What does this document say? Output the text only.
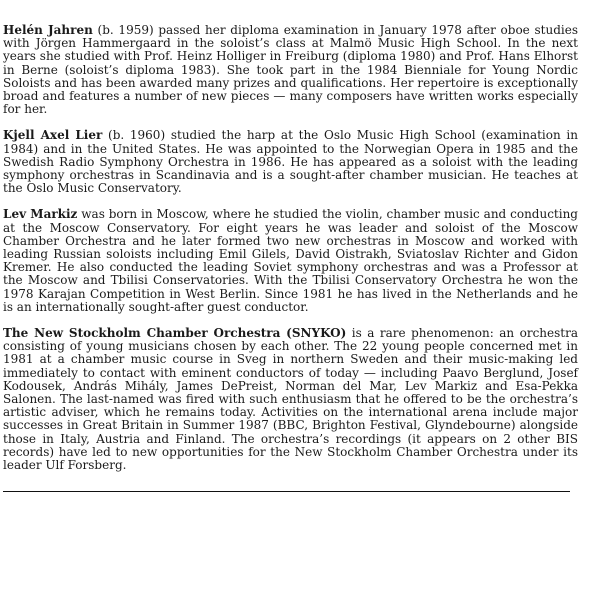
Helén Jahren (b. 1959) passed her diploma examination in January 1978 after oboe studies with Jörgen Hammergaard in the soloist’s class at Malmö Music High School. In the next years she studied with Prof. Heinz Holliger in Freiburg (diploma 1980) and Prof. Hans Elhorst in Berne (soloist’s diploma 1983). She took part in the 1984 Bienniale for Young Nordic Soloists and has been awarded many prizes and qualifications. Her repertoire is exceptionally broad and features a number of new pieces — many composers have written works especially for her.

Kjell Axel Lier (b. 1960) studied the harp at the Oslo Music High School (examination in 1984) and in the United States. He was appointed to the Norwegian Opera in 1985 and the Swedish Radio Symphony Orchestra in 1986. He has appeared as a soloist with the leading symphony orchestras in Scandinavia and is a sought-after chamber musician. He teaches at the Oslo Music Conservatory.

Lev Markiz was born in Moscow, where he studied the violin, chamber music and conducting at the Moscow Conservatory. For eight years he was leader and soloist of the Moscow Chamber Orchestra and he later formed two new orchestras in Moscow and worked with leading Russian soloists including Emil Gilels, David Oistrakh, Sviatoslav Richter and Gidon Kremer. He also conducted the leading Soviet symphony orchestras and was a Professor at the Moscow and Tbilisi Conservatories. With the Tbilisi Conservatory Orchestra he won the 1978 Karajan Competition in West Berlin. Since 1981 he has lived in the Netherlands and he is an internationally sought-after guest conductor.

The New Stockholm Chamber Orchestra (SNYKO) is a rare phenomenon: an orchestra consisting of young musicians chosen by each other. The 22 young people concerned met in 1981 at a chamber music course in Sveg in northern Sweden and their music-making led immediately to contact with eminent conductors of today — including Paavo Berglund, Josef Kodousek, András Mihály, James DePreist, Norman del Mar, Lev Markiz and Esa-Pekka Salonen. The last-named was fired with such enthusiasm that he offered to be the orchestra’s artistic adviser, which he remains today. Activities on the international arena include major successes in Great Britain in Summer 1987 (BBC, Brighton Festival, Glyndebourne) alongside those in Italy, Austria and Finland. The orchestra’s recordings (it appears on 2 other BIS records) have led to new opportunities for the New Stockholm Chamber Orchestra under its leader Ulf Forsberg.
